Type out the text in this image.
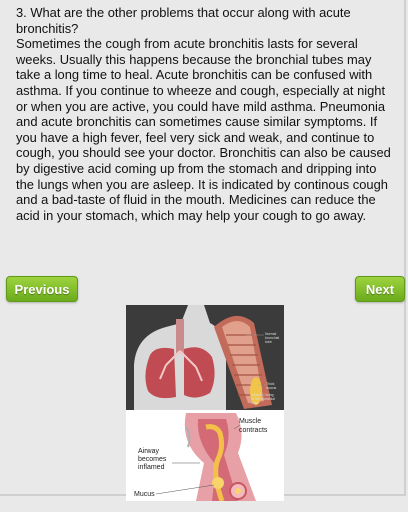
3. What are the other problems that occur along with acute bronchitis?

Sometimes the cough from acute bronchitis lasts for several weeks. Usually this happens because the bronchial tubes may take a long time to heal. Acute bronchitis can be confused with asthma. If you continue to wheeze and cough, especially at night or when you are active, you could have mild asthma. Pneumonia and acute bronchitis can sometimes cause similar symptoms. If you have a high fever, feel very sick and weak, and continue to cough, you should see your doctor. Bronchitis can also be caused by digestive acid coming up from the stomach and dripping into the lungs when you are asleep. It is indicated by continous cough and a bad-taste of fluid in the mouth. Medicines can reduce the acid in your stomach, which may help your cough to go away.

Previous	Next
Normal
bronchial
tube
Thick
mucus
Inflamed lining
of the bronchial
tube
Muscle
contracts
Airway
becomes
inflamed
Mucus
